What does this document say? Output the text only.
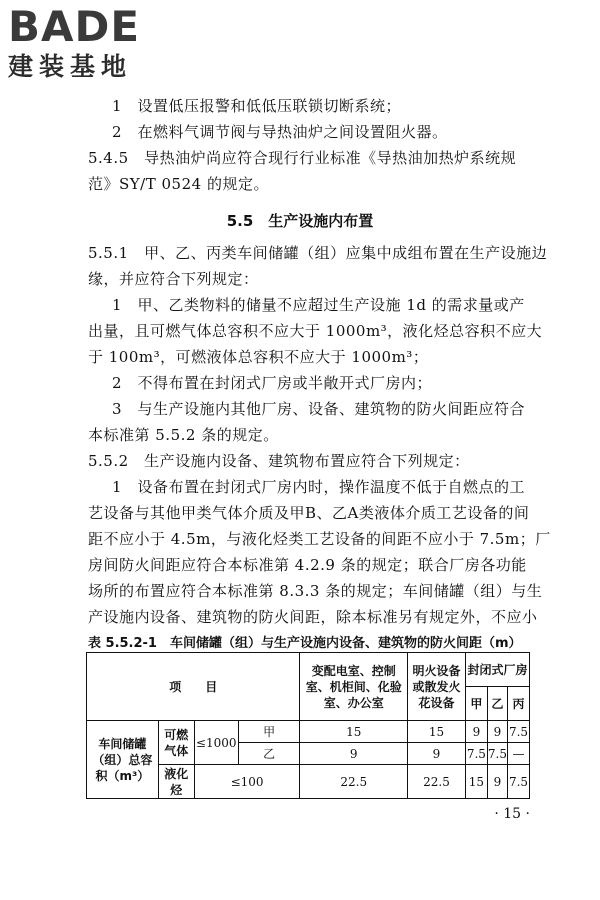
BADE
建装基地
1　设置低压报警和低低压联锁切断系统；
2　在燃料气调节阀与导热油炉之间设置阻火器。
5.4.5　导热油炉尚应符合现行行业标准《导热油加热炉系统规
范》SY/T 0524 的规定。
5.5　生产设施内布置
5.5.1　甲、乙、丙类车间储罐（组）应集中成组布置在生产设施边
缘，并应符合下列规定：
1　甲、乙类物料的储量不应超过生产设施 1d 的需求量或产
出量，且可燃气体总容积不应大于 1000m³，液化烃总容积不应大
于 100m³，可燃液体总容积不应大于 1000m³；
2　不得布置在封闭式厂房或半敞开式厂房内；
3　与生产设施内其他厂房、设备、建筑物的防火间距应符合
本标准第 5.5.2 条的规定。
5.5.2　生产设施内设备、建筑物布置应符合下列规定：
1　设备布置在封闭式厂房内时，操作温度不低于自燃点的工
艺设备与其他甲类气体介质及甲B、乙A类液体介质工艺设备的间
距不应小于 4.5m，与液化烃类工艺设备的间距不应小于 7.5m；厂
房间防火间距应符合本标准第 4.2.9 条的规定；联合厂房各功能
场所的布置应符合本标准第 8.3.3 条的规定；车间储罐（组）与生
产设施内设备、建筑物的防火间距，除本标准另有规定外，不应小
表 5.5.2-1　车间储罐（组）与生产设施内设备、建筑物的防火间距（m）
项　　目				变配电室、控制室、机柜间、化验室、办公室	明火设备或散发火花设备	封闭式厂房		
						甲	乙	丙
车间储罐（组）总容积（m³）	可燃气体	≤1000	甲	15	15	9	9	7.5
			乙	9	9	7.5	7.5	—
	液化烃	≤100		22.5	22.5	15	9	7.5
· 15 ·
